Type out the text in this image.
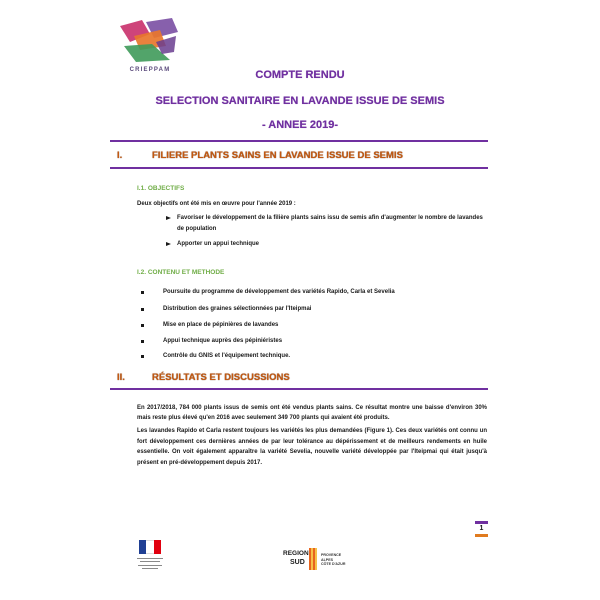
CRIEPPAM	COMPTE RENDU
SELECTION SANITAIRE EN LAVANDE ISSUE DE SEMIS
- ANNEE 2019-
I.	FILIERE PLANTS SAINS EN LAVANDE ISSUE DE SEMIS
I.1. OBJECTIFS
Deux objectifs ont été mis en œuvre pour l'année 2019 :
Favoriser le développement de la filière plants sains issu de semis afin d'augmenter le nombre de lavandes de population
Apporter un appui technique
I.2. CONTENU ET METHODE
Poursuite du programme de développement des variétés Rapido, Carla et Sevelia
Distribution des graines sélectionnées par l'Iteipmai
Mise en place de pépinières de lavandes
Appui technique auprès des pépiniéristes
Contrôle du GNIS et l'équipement technique.
II.	RÉSULTATS ET DISCUSSIONS
En 2017/2018, 784 000 plants issus de semis ont été vendus plants sains. Ce résultat montre une baisse d'environ 30% mais reste plus élevé qu'en 2016 avec seulement 349 700 plants qui avaient été produits.
Les lavandes Rapido et Carla restent toujours les variétés les plus demandées (Figure 1). Ces deux variétés ont connu un fort développement ces dernières années de par leur tolérance au dépérissement et de meilleurs rendements en huile essentielle. On voit également apparaître la variété Sevelia, nouvelle variété développée par l'Iteipmai qui était jusqu'à présent en pré-développement depuis 2017.
1
REGION
SUD
PROVENCE
ALPES
CÔTE D'AZUR
